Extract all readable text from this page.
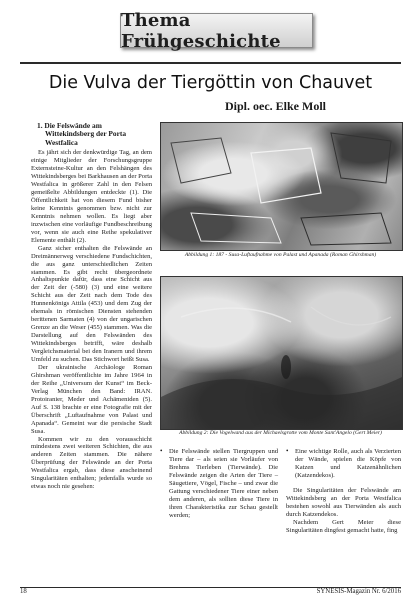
Thema Frühgeschichte
Die Vulva der Tiergöttin von Chauvet
Dipl. oec. Elke Moll
1. Die Felswände am Wittekindsberg der Porta Westfalica

Es jährt sich der denkwürdige Tag, an dem einige Mitglieder der Forschungsgruppe Externsteine-Kultur an den Felshängen des Wittekindsberges bei Barkhausen an der Porta Westfalica in größerer Zahl in den Felsen gemeißelte Abbildungen entdeckte (1). Die Öffentlichkeit hat von diesem Fund bisher keine Kenntnis genommen bzw. nicht zur Kenntnis nehmen wollen. Es liegt aber inzwischen eine vorläufige Fundbeschreibung vor, wenn sie auch eine Reihe spekulativer Elemente enthält (2).

Ganz sicher enthalten die Felswände an Dreimännerweg verschiedene Fundschichten, die aus ganz unterschiedlichen Zeiten stammen. Es gibt recht übergeordnete Anhaltspunkte dafür, dass eine Schicht aus der Zeit der (-580) (3) und eine weitere Schicht aus der Zeit nach dem Tode des Hunnenkönigs Attila (453) und dem Zug der ehemals in römischen Diensten stehenden berittenen Sarmaten (4) von der ungarischen Grenze an die Weser (455) stammen. Was die Darstellung auf den Felswänden des Wittekindsberges betrifft, wäre deshalb Vergleichsmaterial bei den Iranern und ihrem Umfeld zu suchen. Das Stichwort heißt Susa.

Der ukrainische Archäologe Roman Ghirshman veröffentlichte im Jahre 1964 in der Reihe „Universum der Kunst“ im Beck-Verlag München den Band: IRAN. Protoiranier, Meder und Achämeniden (5). Auf S. 138 brachte er eine Fotografie mit der Überschrift „Luftaufnahme von Palast und Apanada“. Gemeint war die persische Stadt Susa.

Kommen wir zu den vorausschicht mindestens zwei weiteren Schichten, die aus anderen Zeiten stammen. Die nähere Überprüfung der Felswände an der Porta Westfalica ergab, dass diese anscheinend Singularitäten enthalten; jedenfalls wurde so etwas noch nie gesehen:

Abbildung 1: 187 - Susa-Luftaufnahme von Palast und Apanada (Roman Ghirshman)
Abbildung 2: Die Vogelwand aus der Michaelsgrotte vom Monte Sant'Angelo (Gert Meier)
• Die Felswände stellen Tiergruppen und Tiere dar – als seien sie Vorläufer von Brehms Tierleben (Tierwände). Die Felswände zeigen die Arten der Tiere – Säugetiere, Vögel, Fische – und zwar die Gattung verschiedener Tiere einer neben dem anderen, als sollten diese Tiere in ihren Charakteristika zur Schau gestellt werden;
• Eine wichtige Rolle, auch als Verzierten der Wände, spielen die Köpfe von Katzen und Katzenähnlichen (Katzendekos).

Die Singularitäten der Felswände am Wittekindsberg an der Porta Westfalica bestehen sowohl aus Tierwänden als auch durch Katzendekos.

Nachdem Gert Meier diese Singularitäten dingfest gemacht hatte, fing

18	SYNESIS-Magazin Nr. 6/2016
